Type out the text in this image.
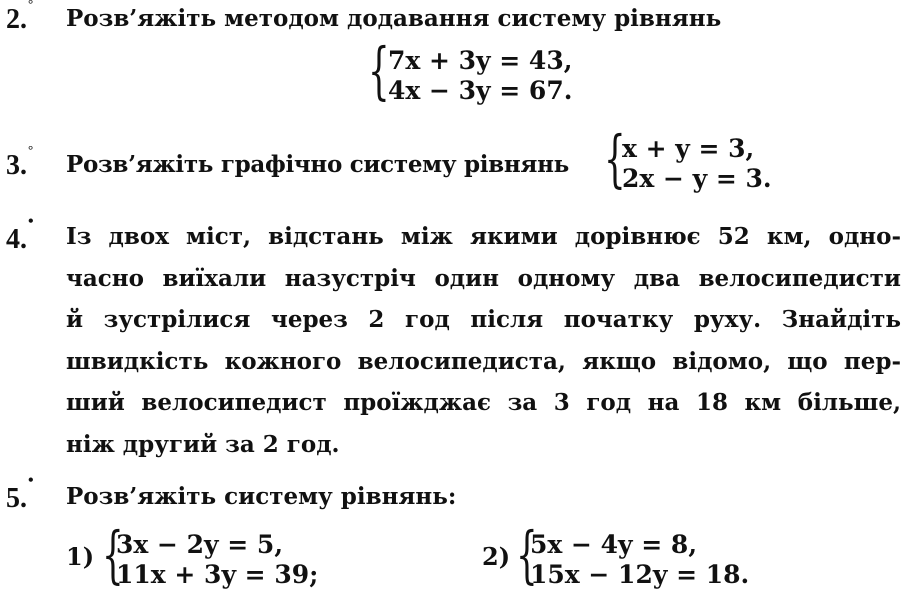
2.
°
Розв’яжіть методом додавання систему рівнянь
{
7x + 3y = 43,
4x − 3y = 67.
3.
°
Розв’яжіть графічно систему рівнянь {
x + y = 3,
2x − y = 3.
4.
•
Із двох міст, відстань між якими дорівнює 52 км, одно-
часно виїхали назустріч один одному два велосипедисти
й зустрілися через 2 год після початку руху. Знайдіть
швидкість кожного велосипедиста, якщо відомо, що пер-
ший велосипедист проїжджає за 3 год на 18 км більше,
ніж другий за 2 год.
5.
•
Розв’яжіть систему рівнянь:
1) {
3x − 2y = 5,
11x + 3y = 39;
2) {
5x − 4y = 8,
15x − 12y = 18.
